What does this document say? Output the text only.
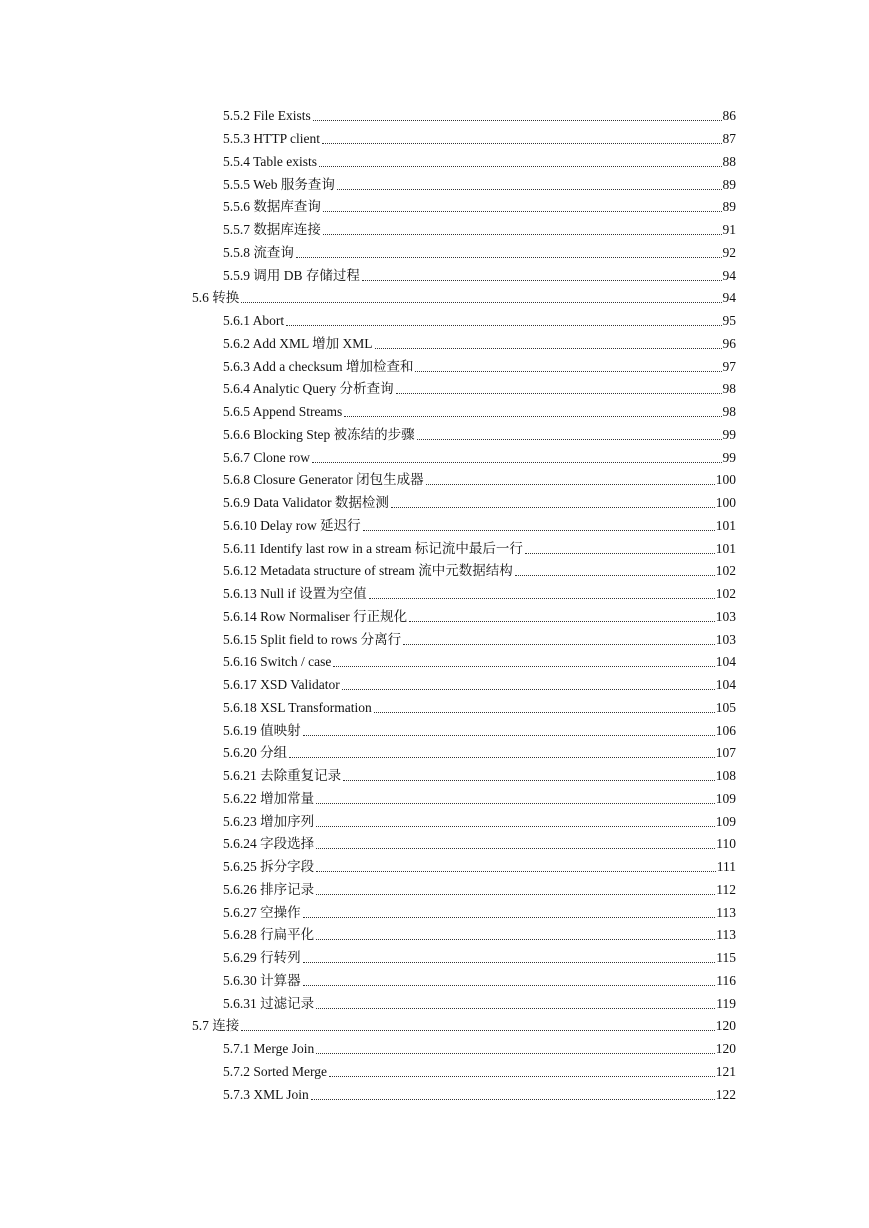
5.5.2 File Exists	86
5.5.3 HTTP client	87
5.5.4 Table exists	88
5.5.5 Web 服务查询	89
5.5.6 数据库查询	89
5.5.7 数据库连接	91
5.5.8 流查询	92
5.5.9 调用 DB 存储过程	94
5.6 转换	94
5.6.1 Abort	95
5.6.2 Add XML 增加 XML	96
5.6.3 Add a checksum 增加检查和	97
5.6.4 Analytic Query 分析查询	98
5.6.5 Append Streams	98
5.6.6 Blocking Step 被冻结的步骤	99
5.6.7 Clone row	99
5.6.8 Closure Generator 闭包生成器	100
5.6.9 Data Validator 数据检测	100
5.6.10 Delay row 延迟行	101
5.6.11 Identify last row in a stream 标记流中最后一行	101
5.6.12 Metadata structure of stream 流中元数据结构	102
5.6.13 Null if 设置为空值	102
5.6.14 Row Normaliser 行正规化	103
5.6.15 Split field to rows 分离行	103
5.6.16 Switch / case	104
5.6.17 XSD Validator	104
5.6.18 XSL Transformation	105
5.6.19 值映射	106
5.6.20 分组	107
5.6.21 去除重复记录	108
5.6.22 增加常量	109
5.6.23 增加序列	109
5.6.24 字段选择	110
5.6.25 拆分字段	111
5.6.26 排序记录	112
5.6.27 空操作	113
5.6.28 行扁平化	113
5.6.29 行转列	115
5.6.30 计算器	116
5.6.31 过滤记录	119
5.7 连接	120
5.7.1 Merge Join	120
5.7.2 Sorted Merge	121
5.7.3 XML Join	122
